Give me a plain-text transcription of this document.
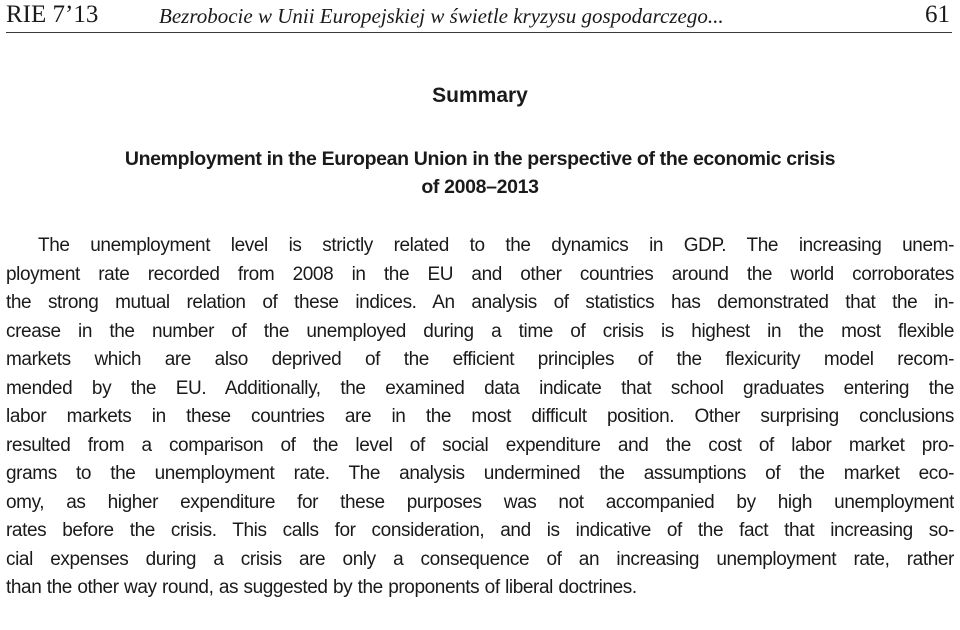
RIE 7’13	Bezrobocie w Unii Europejskiej w świetle kryzysu gospodarczego...	61
Summary
Unemployment in the European Union in the perspective of the economic crisis
of 2008–2013
The unemployment level is strictly related to the dynamics in GDP. The increasing unem-
ployment rate recorded from 2008 in the EU and other countries around the world corroborates
the strong mutual relation of these indices. An analysis of statistics has demonstrated that the in-
crease in the number of the unemployed during a time of crisis is highest in the most flexible
markets which are also deprived of the efficient principles of the flexicurity model recom-
mended by the EU. Additionally, the examined data indicate that school graduates entering the
labor markets in these countries are in the most difficult position. Other surprising conclusions
resulted from a comparison of the level of social expenditure and the cost of labor market pro-
grams to the unemployment rate. The analysis undermined the assumptions of the market eco-
omy, as higher expenditure for these purposes was not accompanied by high unemployment
rates before the crisis. This calls for consideration, and is indicative of the fact that increasing so-
cial expenses during a crisis are only a consequence of an increasing unemployment rate, rather
than the other way round, as suggested by the proponents of liberal doctrines.
